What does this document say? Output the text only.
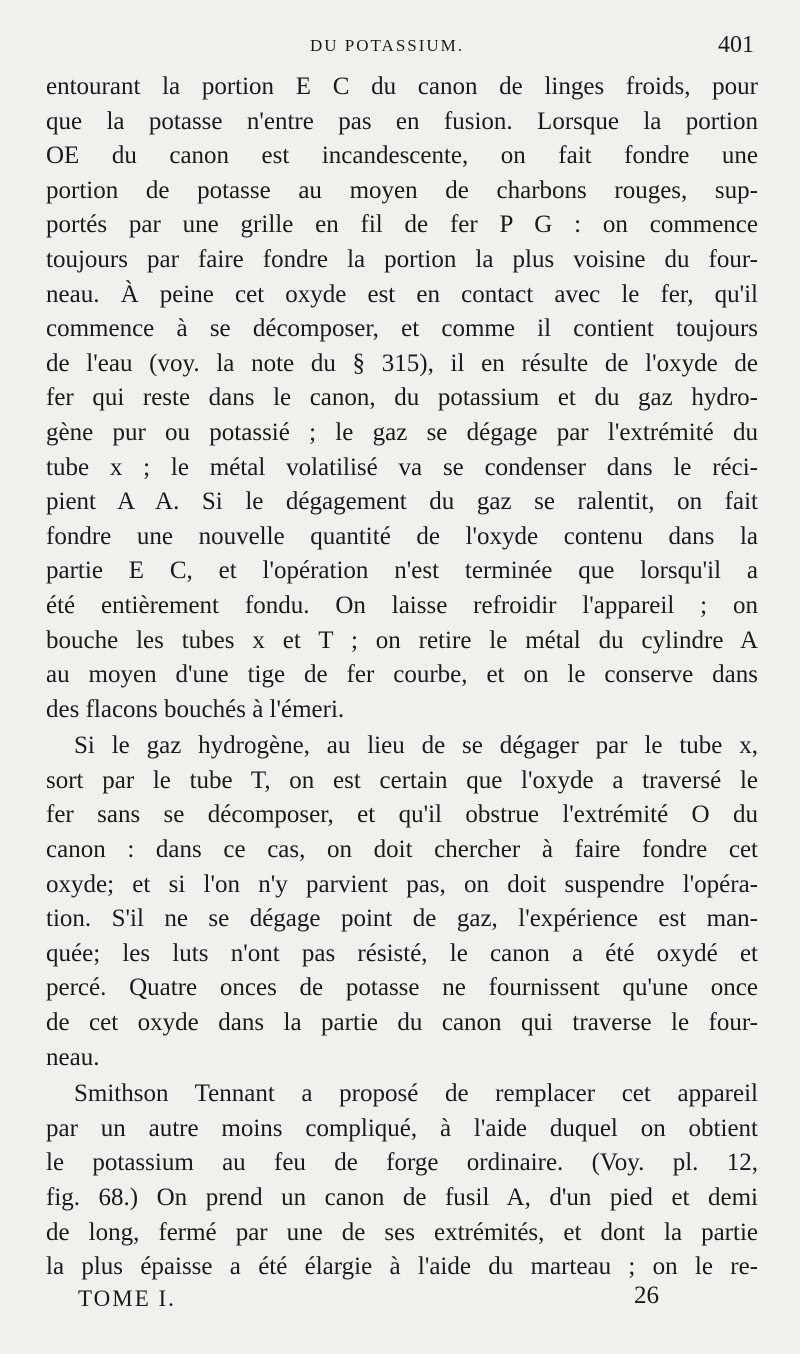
DU POTASSIUM.	401
entourant la portion E C du canon de linges froids, pour
que la potasse n'entre pas en fusion. Lorsque la portion
OE du canon est incandescente, on fait fondre une
portion de potasse au moyen de charbons rouges, sup-
portés par une grille en fil de fer P G : on commence
toujours par faire fondre la portion la plus voisine du four-
neau. À peine cet oxyde est en contact avec le fer, qu'il
commence à se décomposer, et comme il contient toujours
de l'eau (voy. la note du § 315), il en résulte de l'oxyde de
fer qui reste dans le canon, du potassium et du gaz hydro-
gène pur ou potassié ; le gaz se dégage par l'extrémité du
tube x ; le métal volatilisé va se condenser dans le réci-
pient A A. Si le dégagement du gaz se ralentit, on fait
fondre une nouvelle quantité de l'oxyde contenu dans la
partie E C, et l'opération n'est terminée que lorsqu'il a
été entièrement fondu. On laisse refroidir l'appareil ; on
bouche les tubes x et T ; on retire le métal du cylindre A
au moyen d'une tige de fer courbe, et on le conserve dans
des flacons bouchés à l'émeri.
Si le gaz hydrogène, au lieu de se dégager par le tube x,
sort par le tube T, on est certain que l'oxyde a traversé le
fer sans se décomposer, et qu'il obstrue l'extrémité O du
canon : dans ce cas, on doit chercher à faire fondre cet
oxyde; et si l'on n'y parvient pas, on doit suspendre l'opéra-
tion. S'il ne se dégage point de gaz, l'expérience est man-
quée; les luts n'ont pas résisté, le canon a été oxydé et
percé. Quatre onces de potasse ne fournissent qu'une once
de cet oxyde dans la partie du canon qui traverse le four-
neau.
Smithson Tennant a proposé de remplacer cet appareil
par un autre moins compliqué, à l'aide duquel on obtient
le potassium au feu de forge ordinaire. (Voy. pl. 12,
fig. 68.) On prend un canon de fusil A, d'un pied et demi
de long, fermé par une de ses extrémités, et dont la partie
la plus épaisse a été élargie à l'aide du marteau ; on le re-
TOME I.	26
